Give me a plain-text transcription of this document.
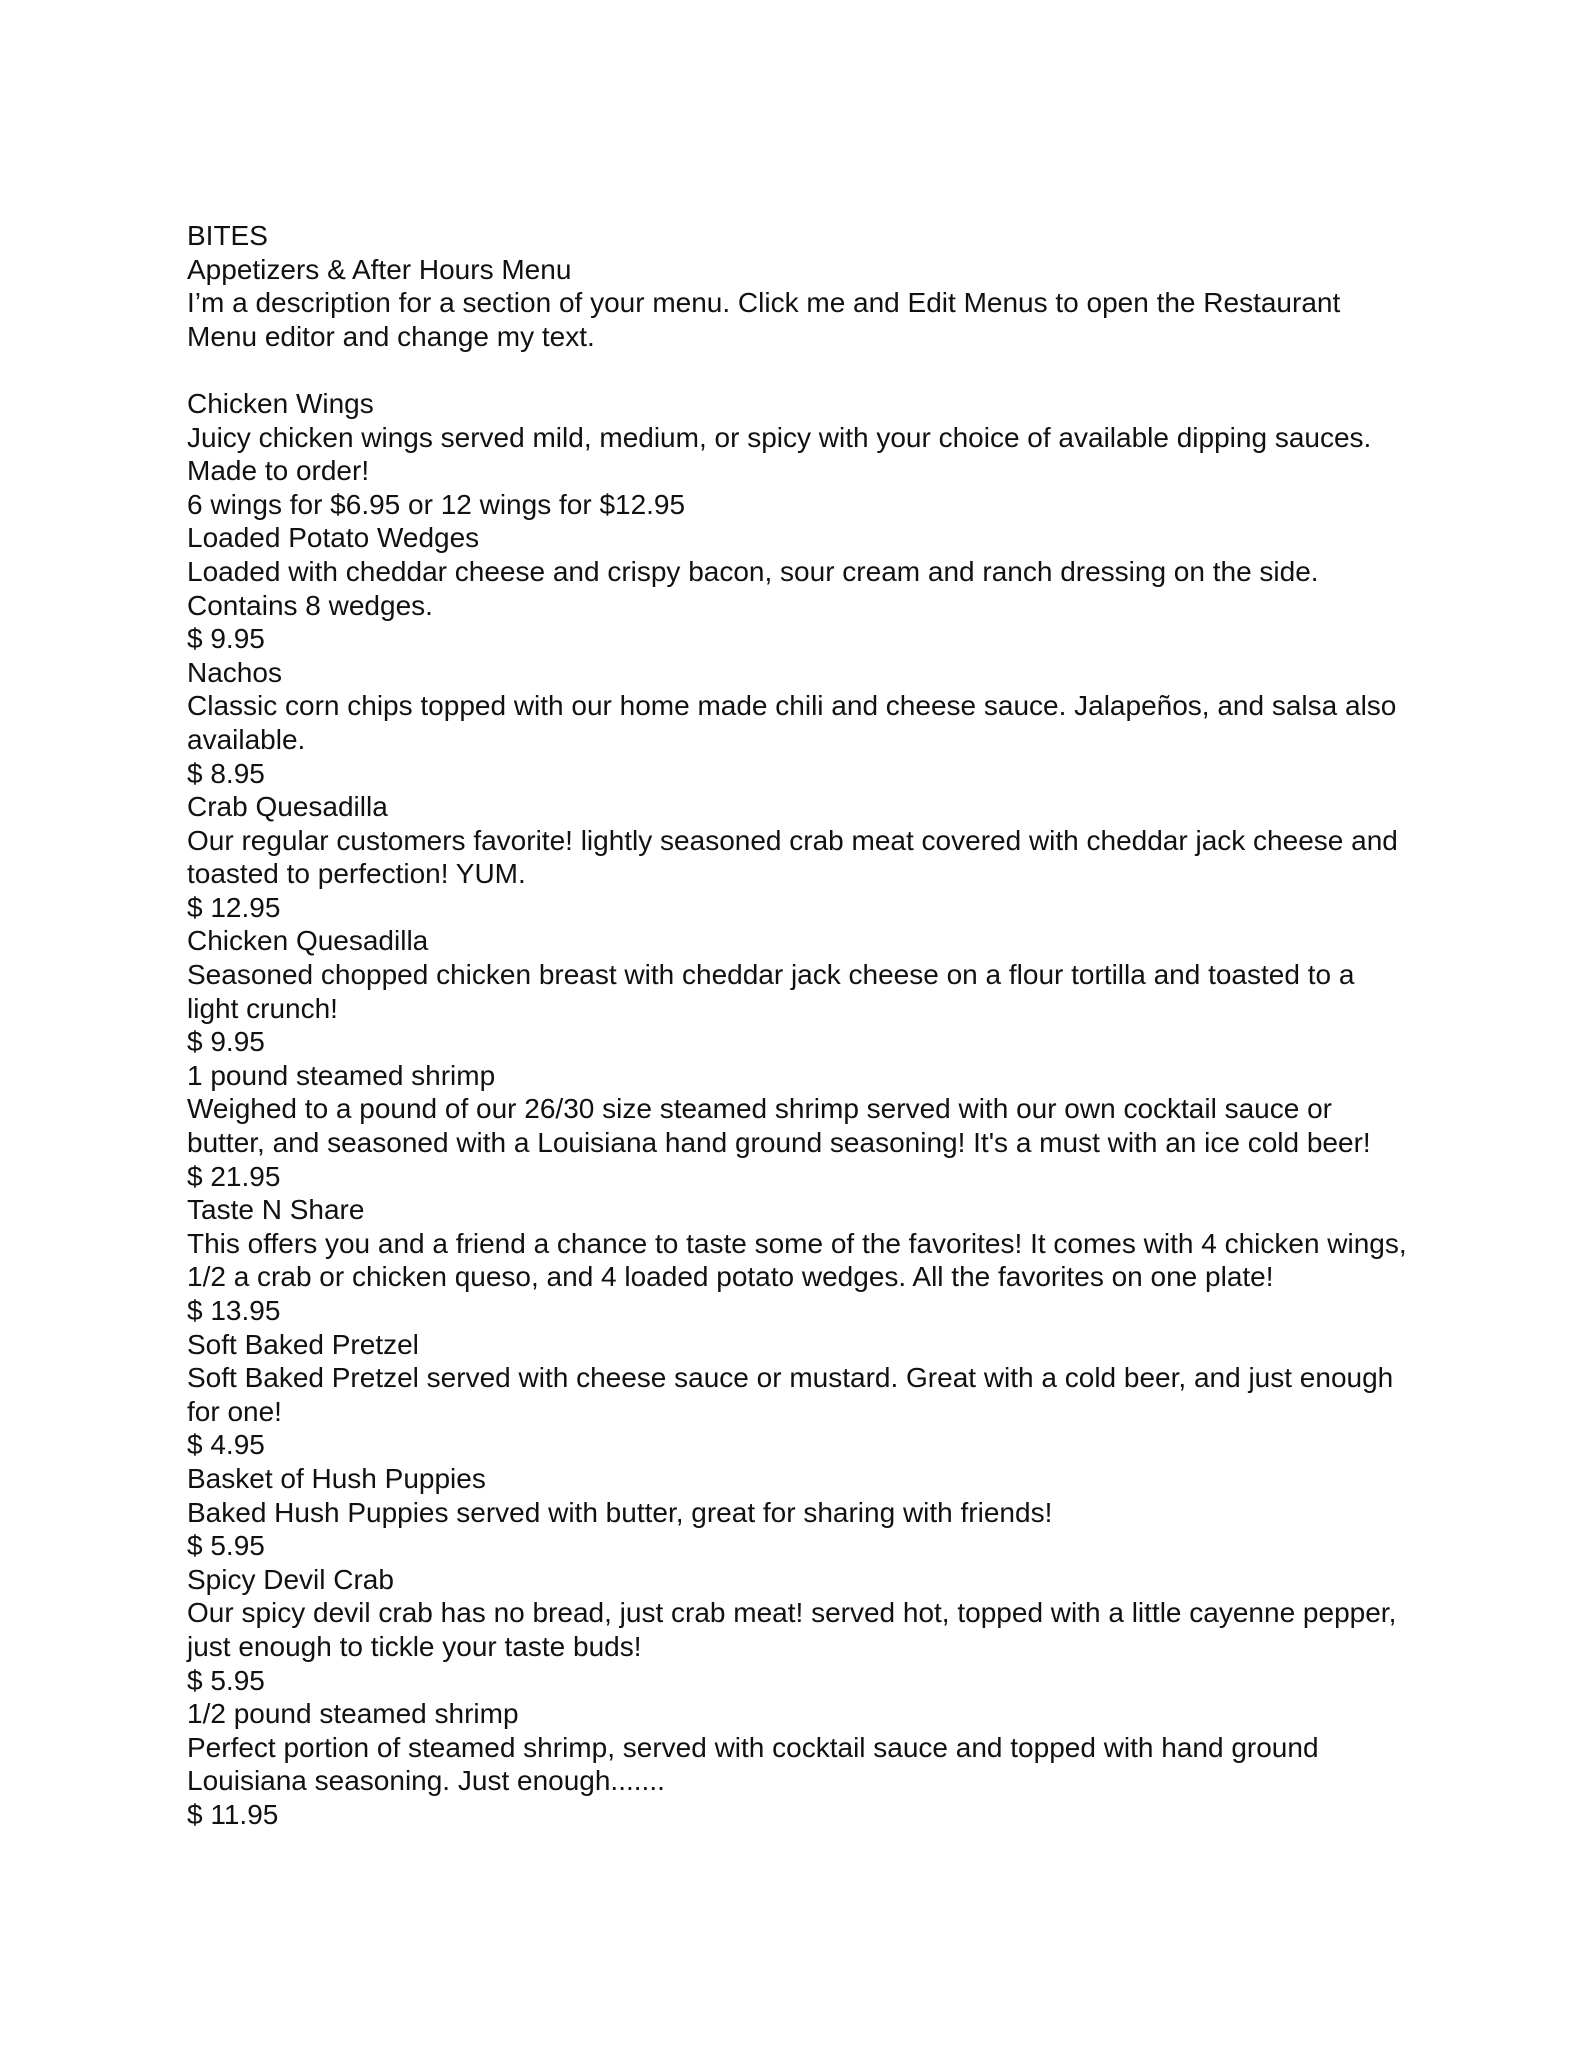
BITES
Appetizers & After Hours Menu
I’m a description for a section of your menu. Click me and Edit Menus to open the Restaurant Menu editor and change my text.
Chicken Wings
Juicy chicken wings served mild, medium, or spicy with your choice of available dipping sauces. Made to order!
6 wings for $6.95 or 12 wings for $12.95
Loaded Potato Wedges
Loaded with cheddar cheese and crispy bacon, sour cream and ranch dressing on the side. Contains 8 wedges.
$ 9.95
Nachos
Classic corn chips topped with our home made chili and cheese sauce. Jalapeños, and salsa also available.
$ 8.95
Crab Quesadilla
Our regular customers favorite! lightly seasoned crab meat covered with cheddar jack cheese and toasted to perfection! YUM.
$ 12.95
Chicken Quesadilla
Seasoned chopped chicken breast with cheddar jack cheese on a flour tortilla and toasted to a light crunch!
$ 9.95
1 pound steamed shrimp
Weighed to a pound of our 26/30 size steamed shrimp served with our own cocktail sauce or butter, and seasoned with a Louisiana hand ground seasoning! It's a must with an ice cold beer!
$ 21.95
Taste N Share
This offers you and a friend a chance to taste some of the favorites! It comes with 4 chicken wings, 1/2 a crab or chicken queso, and 4 loaded potato wedges. All the favorites on one plate!
$ 13.95
Soft Baked Pretzel
Soft Baked Pretzel served with cheese sauce or mustard. Great with a cold beer, and just enough for one!
$ 4.95
Basket of Hush Puppies
Baked Hush Puppies served with butter, great for sharing with friends!
$ 5.95
Spicy Devil Crab
Our spicy devil crab has no bread, just crab meat! served hot, topped with a little cayenne pepper, just enough to tickle your taste buds!
$ 5.95
1/2 pound steamed shrimp
Perfect portion of steamed shrimp, served with cocktail sauce and topped with hand ground Louisiana seasoning. Just enough.......
$ 11.95
